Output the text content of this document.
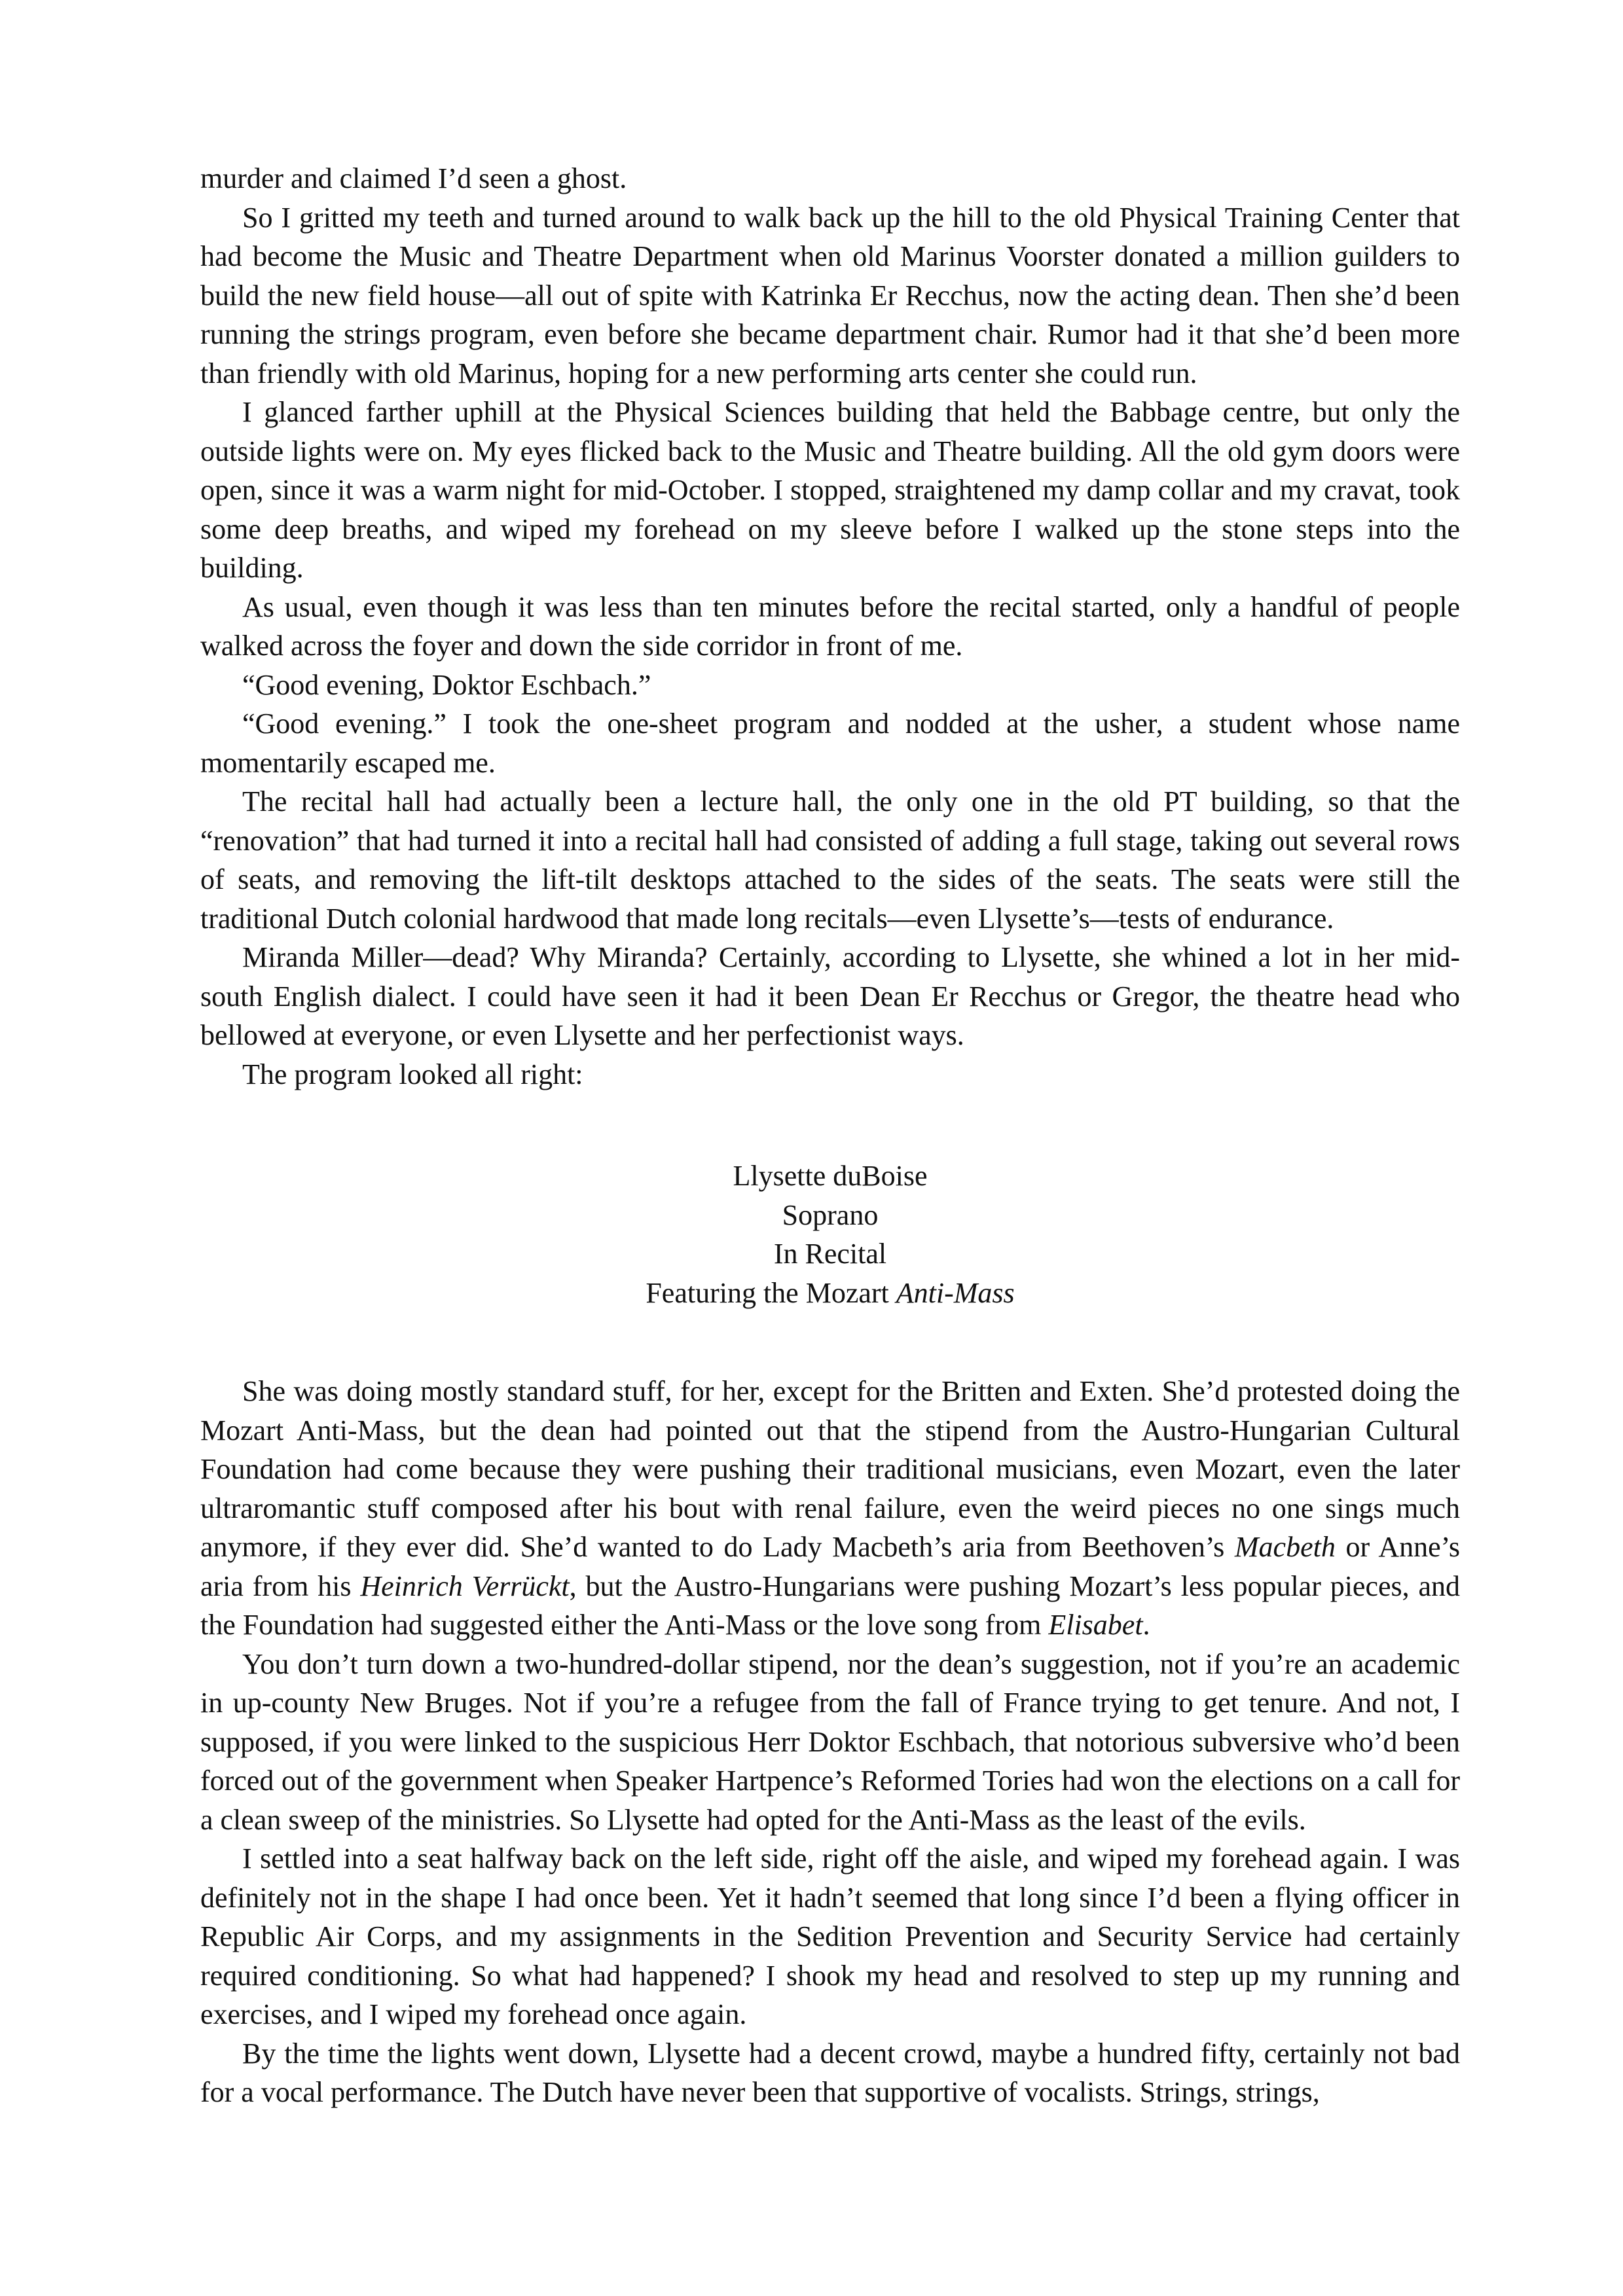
murder and claimed I’d seen a ghost.

So I gritted my teeth and turned around to walk back up the hill to the old Physical Training Center that had become the Music and Theatre Department when old Marinus Voorster donated a million guilders to build the new field house—all out of spite with Katrinka Er Recchus, now the acting dean. Then she’d been running the strings program, even before she became department chair. Rumor had it that she’d been more than friendly with old Marinus, hoping for a new performing arts center she could run.

I glanced farther uphill at the Physical Sciences building that held the Babbage centre, but only the outside lights were on. My eyes flicked back to the Music and Theatre building. All the old gym doors were open, since it was a warm night for mid-October. I stopped, straightened my damp collar and my cravat, took some deep breaths, and wiped my forehead on my sleeve before I walked up the stone steps into the building.

As usual, even though it was less than ten minutes before the recital started, only a handful of people walked across the foyer and down the side corridor in front of me.

“Good evening, Doktor Eschbach.”

“Good evening.” I took the one-sheet program and nodded at the usher, a student whose name momentarily escaped me.

The recital hall had actually been a lecture hall, the only one in the old PT building, so that the “renovation” that had turned it into a recital hall had consisted of adding a full stage, taking out several rows of seats, and removing the lift-tilt desktops attached to the sides of the seats. The seats were still the traditional Dutch colonial hardwood that made long recitals—even Llysette’s—tests of endurance.

Miranda Miller—dead? Why Miranda? Certainly, according to Llysette, she whined a lot in her mid-south English dialect. I could have seen it had it been Dean Er Recchus or Gregor, the theatre head who bellowed at everyone, or even Llysette and her perfectionist ways.

The program looked all right:

Llysette duBoise
Soprano
In Recital
Featuring the Mozart Anti-Mass

She was doing mostly standard stuff, for her, except for the Britten and Exten. She’d protested doing the Mozart Anti-Mass, but the dean had pointed out that the stipend from the Austro-Hungarian Cultural Foundation had come because they were pushing their traditional musicians, even Mozart, even the later ultraromantic stuff composed after his bout with renal failure, even the weird pieces no one sings much anymore, if they ever did. She’d wanted to do Lady Macbeth’s aria from Beethoven’s Macbeth or Anne’s aria from his Heinrich Verrückt, but the Austro-Hungarians were pushing Mozart’s less popular pieces, and the Foundation had suggested either the Anti-Mass or the love song from Elisabet.

You don’t turn down a two-hundred-dollar stipend, nor the dean’s suggestion, not if you’re an academic in up-county New Bruges. Not if you’re a refugee from the fall of France trying to get tenure. And not, I supposed, if you were linked to the suspicious Herr Doktor Eschbach, that notorious subversive who’d been forced out of the government when Speaker Hartpence’s Reformed Tories had won the elections on a call for a clean sweep of the ministries. So Llysette had opted for the Anti-Mass as the least of the evils.

I settled into a seat halfway back on the left side, right off the aisle, and wiped my forehead again. I was definitely not in the shape I had once been. Yet it hadn’t seemed that long since I’d been a flying officer in Republic Air Corps, and my assignments in the Sedition Prevention and Security Service had certainly required conditioning. So what had happened? I shook my head and resolved to step up my running and exercises, and I wiped my forehead once again.

By the time the lights went down, Llysette had a decent crowd, maybe a hundred fifty, certainly not bad for a vocal performance. The Dutch have never been that supportive of vocalists. Strings, strings,
